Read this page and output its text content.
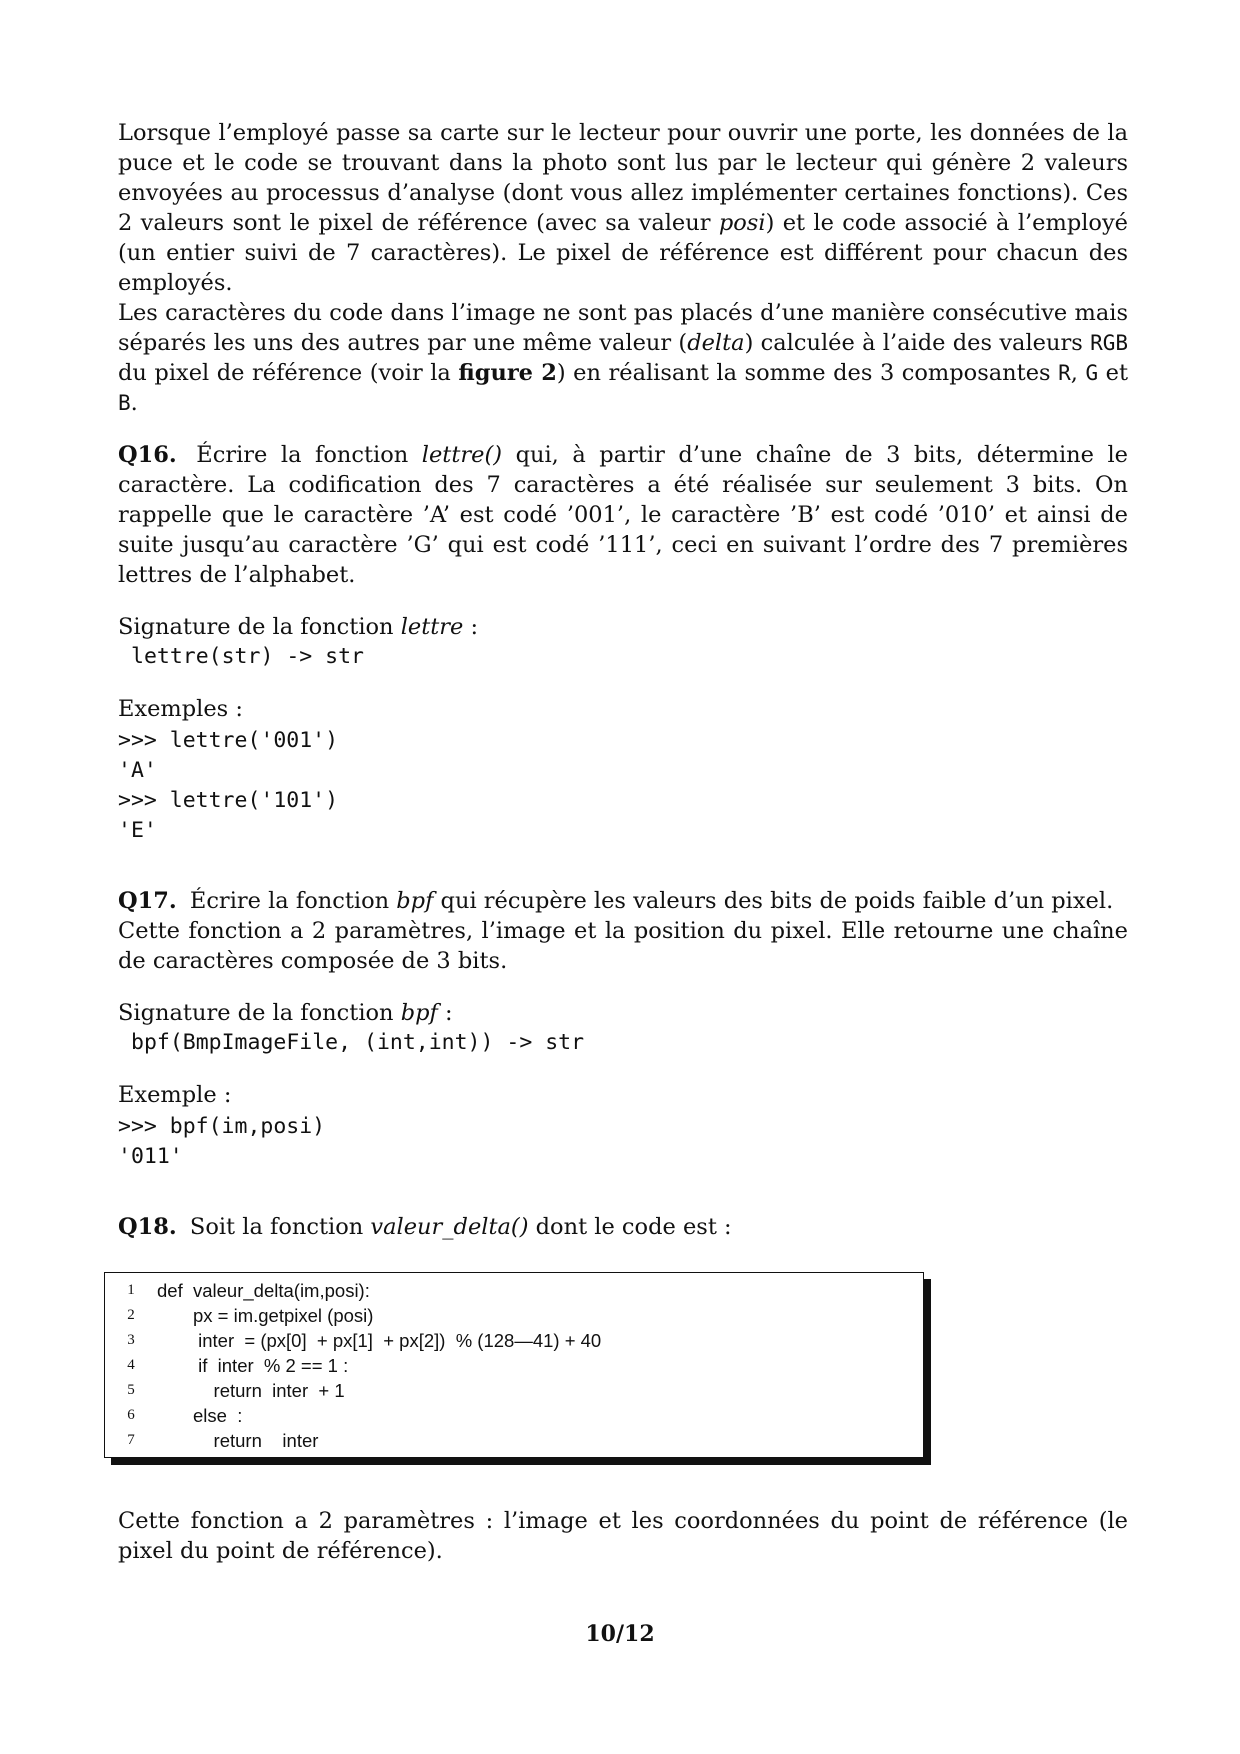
Lorsque l’employé passe sa carte sur le lecteur pour ouvrir une porte, les données de la puce et le code se trouvant dans la photo sont lus par le lecteur qui génère 2 valeurs envoyées au processus d’analyse (dont vous allez implémenter certaines fonctions). Ces 2 valeurs sont le pixel de référence (avec sa valeur posi) et le code associé à l’employé (un entier suivi de 7 caractères). Le pixel de référence est différent pour chacun des employés.

Les caractères du code dans l’image ne sont pas placés d’une manière consécutive mais séparés les uns des autres par une même valeur (delta) calculée à l’aide des valeurs RGB du pixel de référence (voir la figure 2) en réalisant la somme des 3 composantes R, G et B.

Q16. Écrire la fonction lettre() qui, à partir d’une chaîne de 3 bits, détermine le caractère. La codification des 7 caractères a été réalisée sur seulement 3 bits. On rappelle que le caractère ’A’ est codé ’001’, le caractère ’B’ est codé ’010’ et ainsi de suite jusqu’au caractère ’G’ qui est codé ’111’, ceci en suivant l’ordre des 7 premières lettres de l’alphabet.

Signature de la fonction lettre :

lettre(str) -> str

Exemples :

>>> lettre('001')
'A'
>>> lettre('101')
'E'

Q17. Écrire la fonction bpf qui récupère les valeurs des bits de poids faible d’un pixel.

Cette fonction a 2 paramètres, l’image et la position du pixel. Elle retourne une chaîne de caractères composée de 3 bits.

Signature de la fonction bpf :

bpf(BmpImageFile, (int,int)) -> str

Exemple :

>>> bpf(im,posi)
'011'

Q18. Soit la fonction valeur_delta() dont le code est :

1	def  valeur_delta(im,posi):
2	px = im.getpixel (posi)
3	inter  = (px[0]  + px[1]  + px[2])  % (128—41) + 40
4	if  inter  % 2 == 1 :
5	return  inter  + 1
6	else  :
7	return    inter

Cette fonction a 2 paramètres : l’image et les coordonnées du point de référence (le pixel du point de référence).

10/12
